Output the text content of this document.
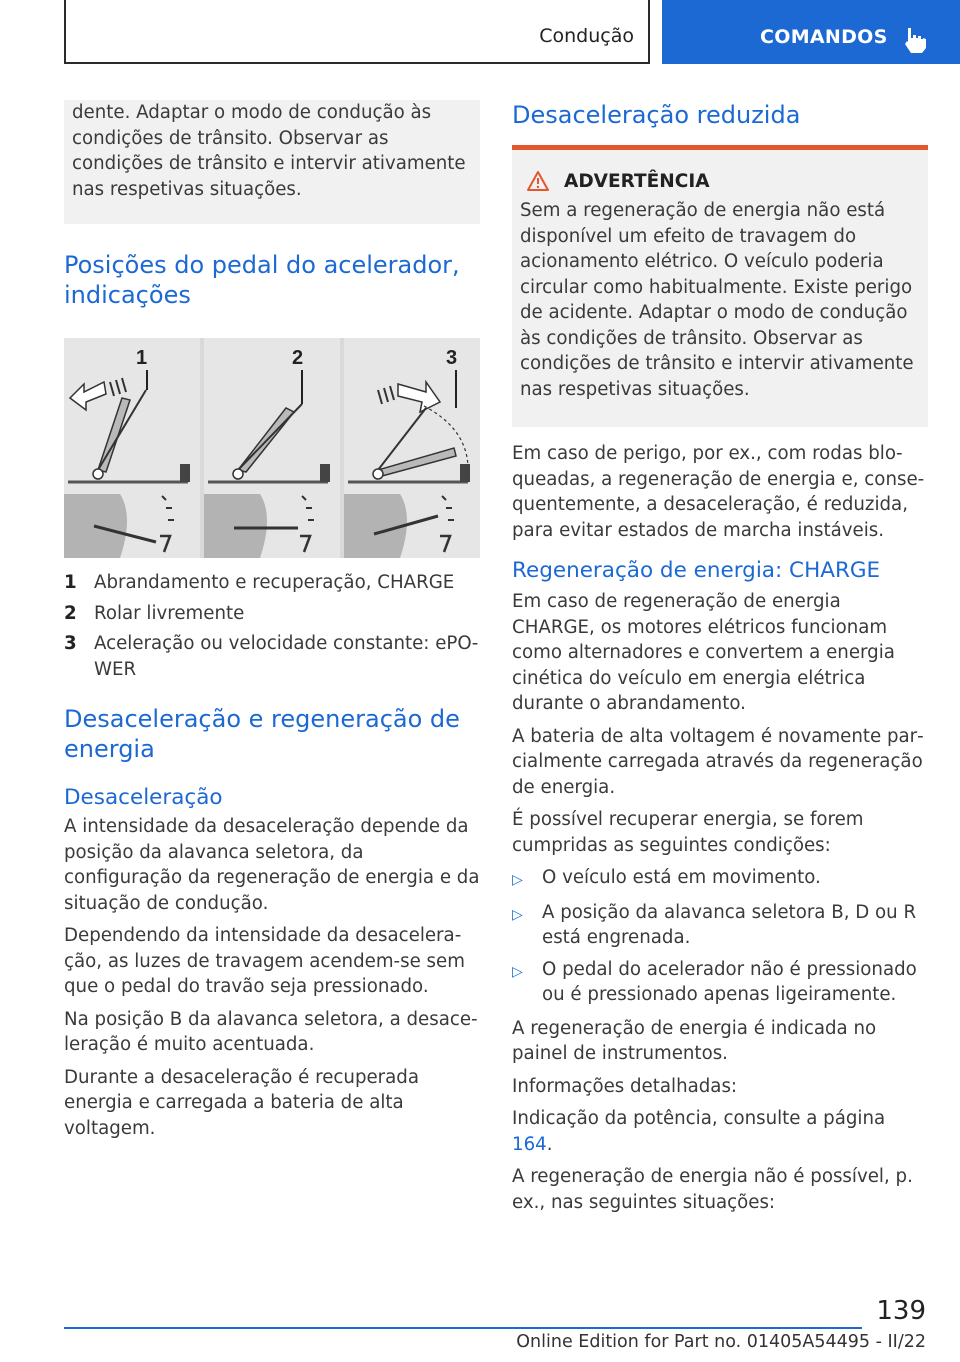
Condução	COMANDOS

dente. Adaptar o modo de condução às condições de trânsito. Observar as condições de trânsito e intervir ativamente nas respetivas situações.

Posições do pedal do acelerador, indicações
1	2	3
1 Abrandamento e recuperação, CHARGE
2 Rolar livremente
3 Aceleração ou velocidade constante: ePOWER
Desaceleração e regeneração de energia
Desaceleração

A intensidade da desaceleração depende da posição da alavanca seletora, da configuração da regeneração de energia e da situação de condução.

Dependendo da intensidade da desaceleração, as luzes de travagem acendem-se sem que o pedal do travão seja pressionado.

Na posição B da alavanca seletora, a desaceleração é muito acentuada.

Durante a desaceleração é recuperada energia e carregada a bateria de alta voltagem.

Desaceleração reduzida
ADVERTÊNCIA

Sem a regeneração de energia não está disponível um efeito de travagem do acionamento elétrico. O veículo poderia circular como habitualmente. Existe perigo de acidente. Adaptar o modo de condução às condições de trânsito. Observar as condições de trânsito e intervir ativamente nas respetivas situações.

Em caso de perigo, por ex., com rodas bloqueadas, a regeneração de energia e, consequentemente, a desaceleração, é reduzida, para evitar estados de marcha instáveis.

Regeneração de energia: CHARGE

Em caso de regeneração de energia CHARGE, os motores elétricos funcionam como alternadores e convertem a energia cinética do veículo em energia elétrica durante o abrandamento.

A bateria de alta voltagem é novamente parcialmente carregada através da regeneração de energia.

É possível recuperar energia, se forem cumpridas as seguintes condições:

▷	O veículo está em movimento.
▷	A posição da alavanca seletora B, D ou R está engrenada.
▷	O pedal do acelerador não é pressionado ou é pressionado apenas ligeiramente.

A regeneração de energia é indicada no painel de instrumentos.

Informações detalhadas:

Indicação da potência, consulte a página 164.

A regeneração de energia não é possível, p. ex., nas seguintes situações:

139
Online Edition for Part no. 01405A54495 - II/22
